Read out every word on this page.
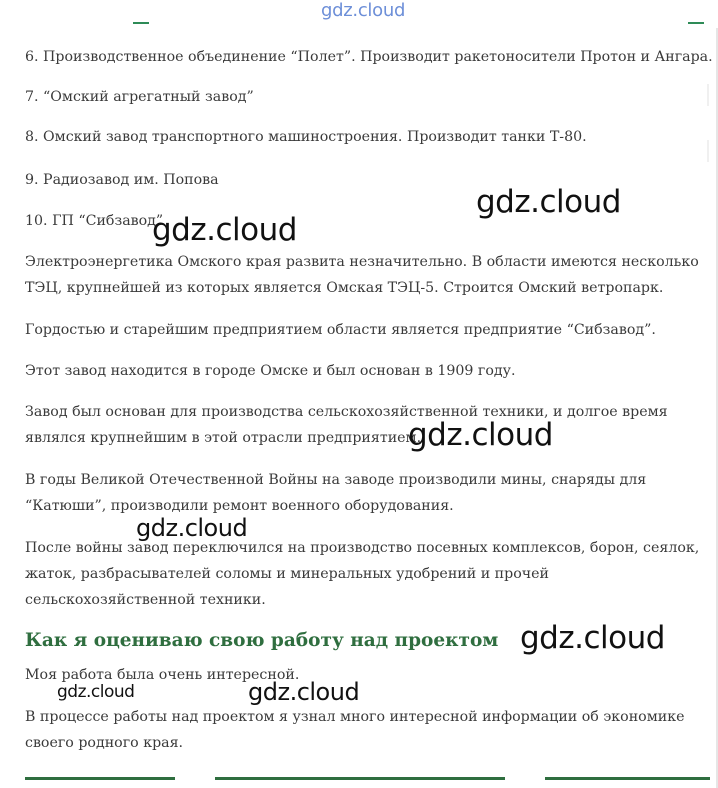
gdz.cloud

6. Производственное объединение “Полет”. Производит ракетоносители Протон и Ангара.

7. “Омский агрегатный завод”

8. Омский завод транспортного машиностроения. Производит танки Т-80.

9. Радиозавод им. Попова

10. ГП “Сибзавод”

Электроэнергетика Омского края развита незначительно. В области имеются несколько

ТЭЦ, крупнейшей из которых является Омская ТЭЦ-5. Строится Омский ветропарк.

Гордостью и старейшим предприятием области является предприятие “Сибзавод”.

Этот завод находится в городе Омске и был основан в 1909 году.

Завод был основан для производства сельскохозяйственной техники, и долгое время

являлся крупнейшим в этой отрасли предприятием.

В годы Великой Отечественной Войны на заводе производили мины, снаряды для

“Катюши”, производили ремонт военного оборудования.

После войны завод переключился на производство посевных комплексов, борон, сеялок,

жаток, разбрасывателей соломы и минеральных удобрений и прочей

сельскохозяйственной техники.

Как я оцениваю свою работу над проектом

Моя работа была очень интересной.

В процессе работы над проектом я узнал много интересной информации об экономике

своего родного края.

gdz.cloud
gdz.cloud
gdz.cloud
gdz.cloud
gdz.cloud
gdz.cloud	gdz.cloud
